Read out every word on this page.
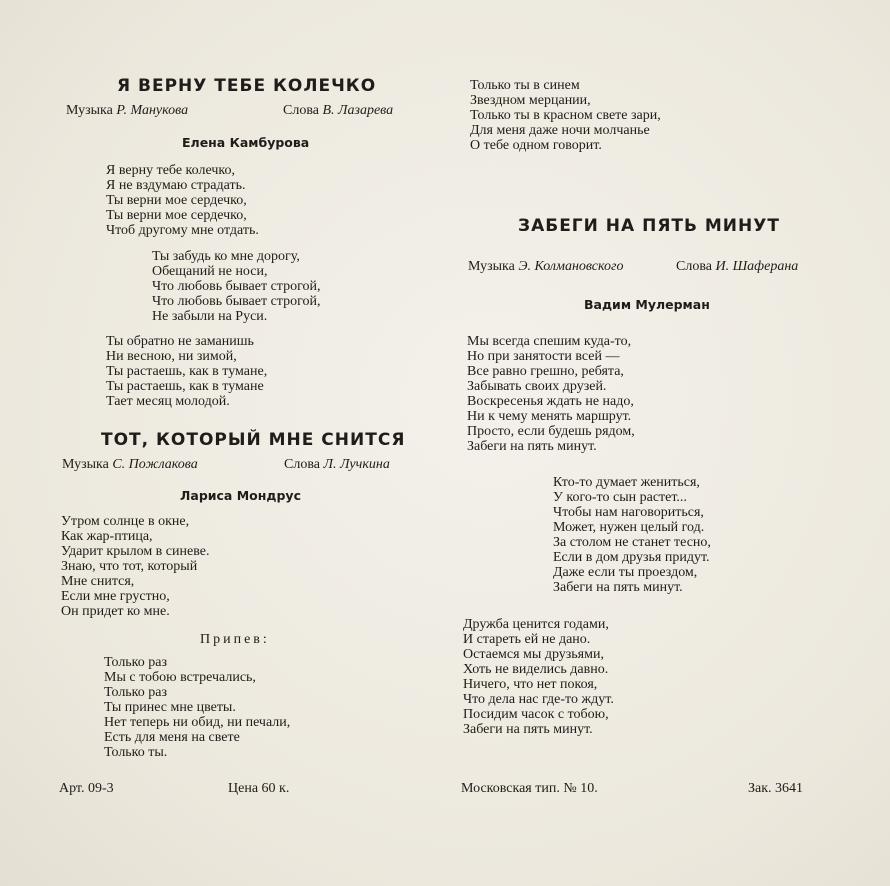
Я ВЕРНУ ТЕБЕ КОЛЕЧКО
Музыка Р. Манукова	Слова В. Лазарева
Елена Камбурова
Я верну тебе колечко,
Я не вздумаю страдать.
Ты верни мое сердечко,
Ты верни мое сердечко,
Чтоб другому мне отдать.
Ты забудь ко мне дорогу,
Обещаний не носи,
Что любовь бывает строгой,
Что любовь бывает строгой,
Не забыли на Руси.
Ты обратно не заманишь
Ни весною, ни зимой,
Ты растаешь, как в тумане,
Ты растаешь, как в тумане
Тает месяц молодой.
ТОТ, КОТОРЫЙ МНЕ СНИТСЯ
Музыка С. Пожлакова	Слова Л. Лучкина
Лариса Мондрус
Утром солнце в окне,
Как жар-птица,
Ударит крылом в синеве.
Знаю, что тот, который
Мне снится,
Если мне грустно,
Он придет ко мне.
Припев:
Только раз
Мы с тобою встречались,
Только раз
Ты принес мне цветы.
Нет теперь ни обид, ни печали,
Есть для меня на свете
Только ты.
Только ты в синем
Звездном мерцании,
Только ты в красном свете зари,
Для меня даже ночи молчанье
О тебе одном говорит.
ЗАБЕГИ НА ПЯТЬ МИНУТ
Музыка Э. Колмановского	Слова И. Шаферана
Вадим Мулерман
Мы всегда спешим куда-то,
Но при занятости всей —
Все равно грешно, ребята,
Забывать своих друзей.
Воскресенья ждать не надо,
Ни к чему менять маршрут.
Просто, если будешь рядом,
Забеги на пять минут.
Кто-то думает жениться,
У кого-то сын растет...
Чтобы нам наговориться,
Может, нужен целый год.
За столом не станет тесно,
Если в дом друзья придут.
Даже если ты проездом,
Забеги на пять минут.
Дружба ценится годами,
И стареть ей не дано.
Остаемся мы друзьями,
Хоть не виделись давно.
Ничего, что нет покоя,
Что дела нас где-то ждут.
Посидим часок с тобою,
Забеги на пять минут.
Арт. 09-3	Цена 60 к.	Московская тип. № 10.	Зак. 3641
